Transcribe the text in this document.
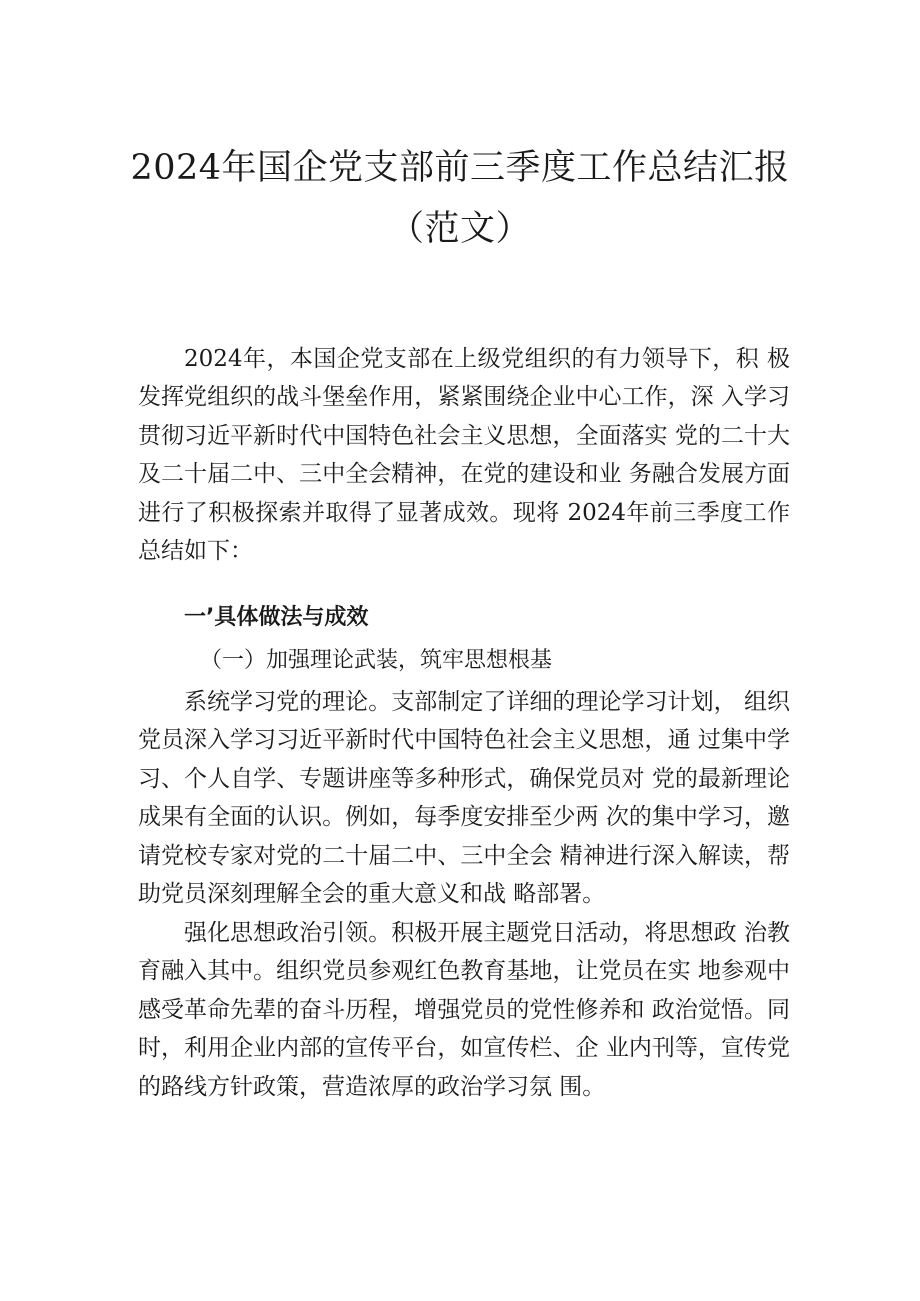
2024年国企党支部前三季度工作总结汇报
（范文）

2024年，本国企党支部在上级党组织的有力领导下，积 极发挥党组织的战斗堡垒作用，紧紧围绕企业中心工作，深 入学习贯彻习近平新时代中国特色社会主义思想，全面落实 党的二十大及二十届二中、三中全会精神，在党的建设和业 务融合发展方面进行了积极探索并取得了显著成效。现将 2024年前三季度工作总结如下：

一’具体做法与成效
（一）加强理论武装，筑牢思想根基

系统学习党的理论。支部制定了详细的理论学习计划， 组织党员深入学习习近平新时代中国特色社会主义思想，通 过集中学习、个人自学、专题讲座等多种形式，确保党员对 党的最新理论成果有全面的认识。例如，每季度安排至少两 次的集中学习，邀请党校专家对党的二十届二中、三中全会 精神进行深入解读，帮助党员深刻理解全会的重大意义和战 略部署。

强化思想政治引领。积极开展主题党日活动，将思想政 治教育融入其中。组织党员参观红色教育基地，让党员在实 地参观中感受革命先辈的奋斗历程，增强党员的党性修养和 政治觉悟。同时，利用企业内部的宣传平台，如宣传栏、企 业内刊等，宣传党的路线方针政策，营造浓厚的政治学习氛 围。
